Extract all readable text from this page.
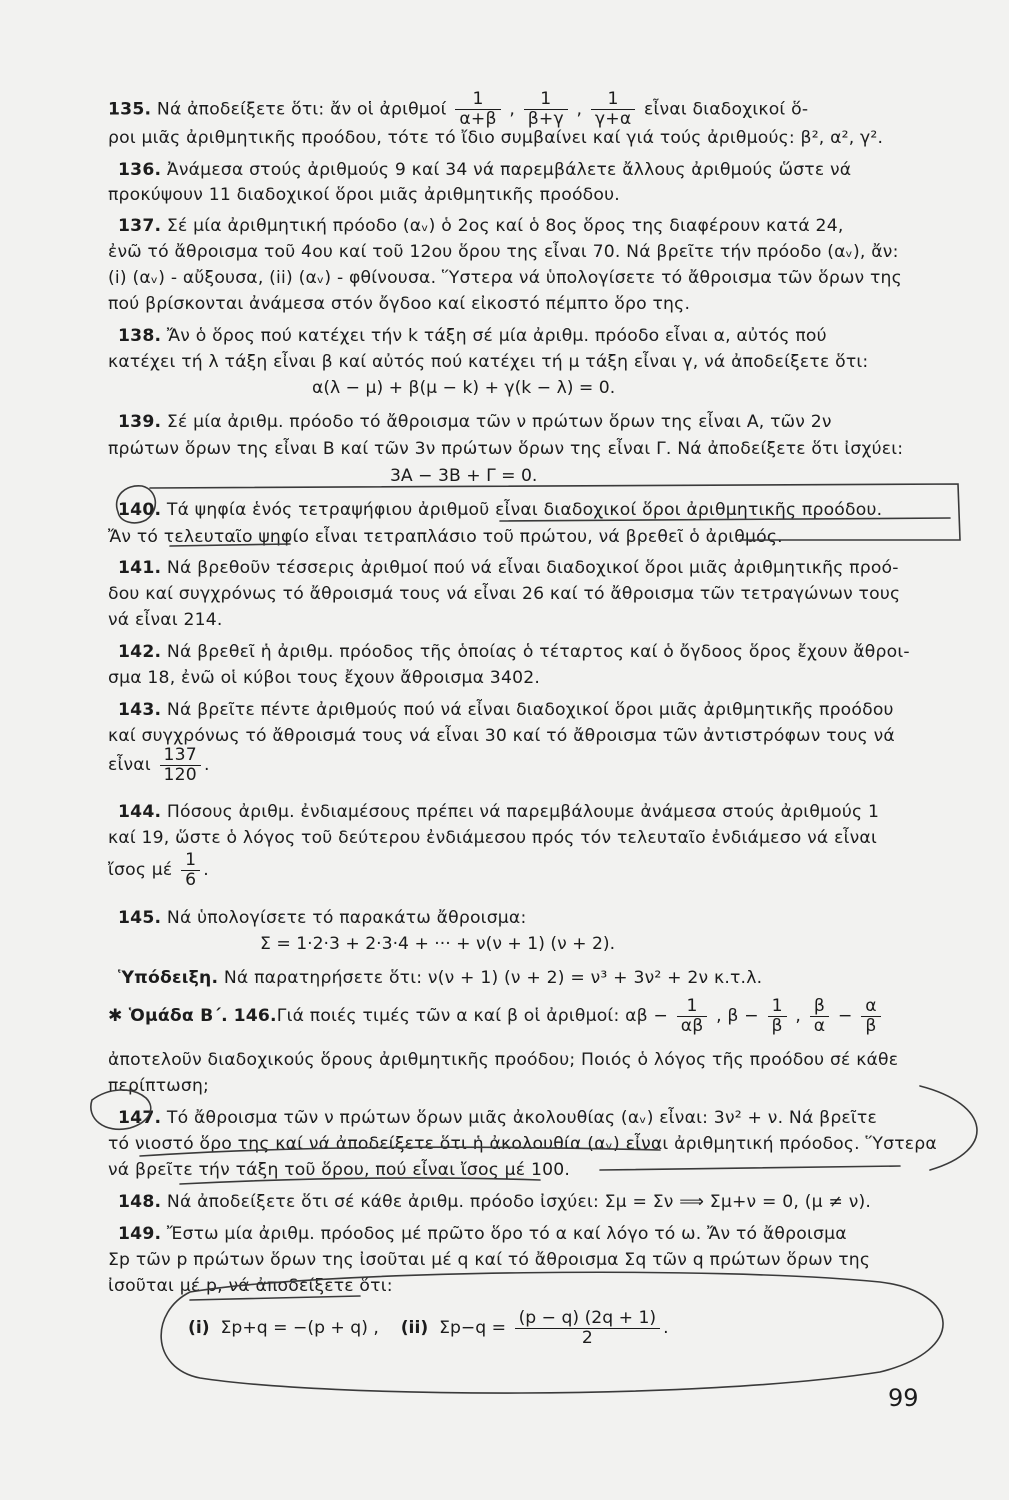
135. Νά ἀποδείξετε ὅτι: ἄν οἱ ἀριθμοί $\frac{1}{\alpha+\beta}$ , $\frac{1}{\beta+\gamma}$ , $\frac{1}{\gamma+\alpha}$ εἶναι διαδοχικοί ὅ-
ροι μιᾶς ἀριθμητικῆς προόδου, τότε τό ἴδιο συμβαίνει καί γιά τούς ἀριθμούς: β², α², γ².
136. Ἀνάμεσα στούς ἀριθμούς 9 καί 34 νά παρεμβάλετε ἄλλους ἀριθμούς ὥστε νά
προκύψουν 11 διαδοχικοί ὅροι μιᾶς ἀριθμητικῆς προόδου.
137. Σέ μία ἀριθμητική πρόοδο (αᵥ) ὁ 2ος καί ὁ 8ος ὅρος της διαφέρουν κατά 24,
ἐνῶ τό ἄθροισμα τοῦ 4ου καί τοῦ 12ου ὅρου της εἶναι 70. Νά βρεῖτε τήν πρόοδο (αᵥ), ἄν:
(i) (αᵥ) - αὔξουσα, (ii) (αᵥ) - φθίνουσα. Ὕστερα νά ὑπολογίσετε τό ἄθροισμα τῶν ὅρων της
πού βρίσκονται ἀνάμεσα στόν ὄγδοο καί εἰκοστό πέμπτο ὅρο της.
138. Ἄν ὁ ὅρος πού κατέχει τήν k τάξη σέ μία ἀριθμ. πρόοδο εἶναι α, αὐτός πού
κατέχει τή λ τάξη εἶναι β καί αὐτός πού κατέχει τή μ τάξη εἶναι γ, νά ἀποδείξετε ὅτι:
α(λ − μ) + β(μ − k) + γ(k − λ) = 0.
139. Σέ μία ἀριθμ. πρόοδο τό ἄθροισμα τῶν ν πρώτων ὅρων της εἶναι Α, τῶν 2ν
πρώτων ὅρων της εἶναι Β καί τῶν 3ν πρώτων ὅρων της εἶναι Γ. Νά ἀποδείξετε ὅτι ἰσχύει:
3Α − 3Β + Γ = 0.
140. Τά ψηφία ἑνός τετραψήφιου ἀριθμοῦ εἶναι διαδοχικοί ὅροι ἀριθμητικῆς προόδου.
Ἄν τό τελευταῖο ψηφίο εἶναι τετραπλάσιο τοῦ πρώτου, νά βρεθεῖ ὁ ἀριθμός.
141. Νά βρεθοῦν τέσσερις ἀριθμοί πού νά εἶναι διαδοχικοί ὅροι μιᾶς ἀριθμητικῆς προό-
δου καί συγχρόνως τό ἄθροισμά τους νά εἶναι 26 καί τό ἄθροισμα τῶν τετραγώνων τους
νά εἶναι 214.
142. Νά βρεθεῖ ἡ ἀριθμ. πρόοδος τῆς ὁποίας ὁ τέταρτος καί ὁ ὄγδοος ὅρος ἔχουν ἄθροι-
σμα 18, ἐνῶ οἱ κύβοι τους ἔχουν ἄθροισμα 3402.
143. Νά βρεῖτε πέντε ἀριθμούς πού νά εἶναι διαδοχικοί ὅροι μιᾶς ἀριθμητικῆς προόδου
καί συγχρόνως τό ἄθροισμά τους νά εἶναι 30 καί τό ἄθροισμα τῶν ἀντιστρόφων τους νά
εἶναι $\frac{137}{120}$ .
144. Πόσους ἀριθμ. ἐνδιαμέσους πρέπει νά παρεμβάλουμε ἀνάμεσα στούς ἀριθμούς 1
καί 19, ὥστε ὁ λόγος τοῦ δεύτερου ἐνδιάμεσου πρός τόν τελευταῖο ἐνδιάμεσο νά εἶναι
ἴσος μέ $\frac{1}{6}$ .
145. Νά ὑπολογίσετε τό παρακάτω ἄθροισμα:
Σ = 1·2·3 + 2·3·4 + ··· + ν(ν + 1) (ν + 2).
Ὑπόδειξη. Νά παρατηρήσετε ὅτι: ν(ν + 1) (ν + 2) = ν³ + 3ν² + 2ν κ.τ.λ.
✱ Ὁμάδα Β΄. 146.Γιά ποιές τιμές τῶν α καί β οἱ ἀριθμοί: $\alpha\beta - \frac{1}{\alpha\beta}$ , $\beta - \frac{1}{\beta}$ , $\frac{\beta}{\alpha} - \frac{\alpha}{\beta}$
ἀποτελοῦν διαδοχικούς ὅρους ἀριθμητικῆς προόδου; Ποιός ὁ λόγος τῆς προόδου σέ κάθε
περίπτωση;
147. Τό ἄθροισμα τῶν ν πρώτων ὅρων μιᾶς ἀκολουθίας (αᵥ) εἶναι: 3ν² + ν. Νά βρεῖτε
τό νιοστό ὅρο της καί νά ἀποδείξετε ὅτι ἡ ἀκολουθία (αᵥ) εἶναι ἀριθμητική πρόοδος. Ὕστερα
νά βρεῖτε τήν τάξη τοῦ ὅρου, πού εἶναι ἴσος μέ 100.
148. Νά ἀποδείξετε ὅτι σέ κάθε ἀριθμ. πρόοδο ἰσχύει: Σμ = Σν ⟹ Σμ+ν = 0, (μ ≠ ν).
149. Ἔστω μία ἀριθμ. πρόοδος μέ πρῶτο ὅρο τό α καί λόγο τό ω. Ἄν τό ἄθροισμα
Σp τῶν p πρώτων ὅρων της ἰσοῦται μέ q καί τό ἄθροισμα Σq τῶν q πρώτων ὅρων της
ἰσοῦται μέ p, νά ἀποδείξετε ὅτι:
(i) Σp+q = −(p + q) , (ii) $\Sigma p-q = \frac{(p - q) (2q + 1)}{2}$ .
99
